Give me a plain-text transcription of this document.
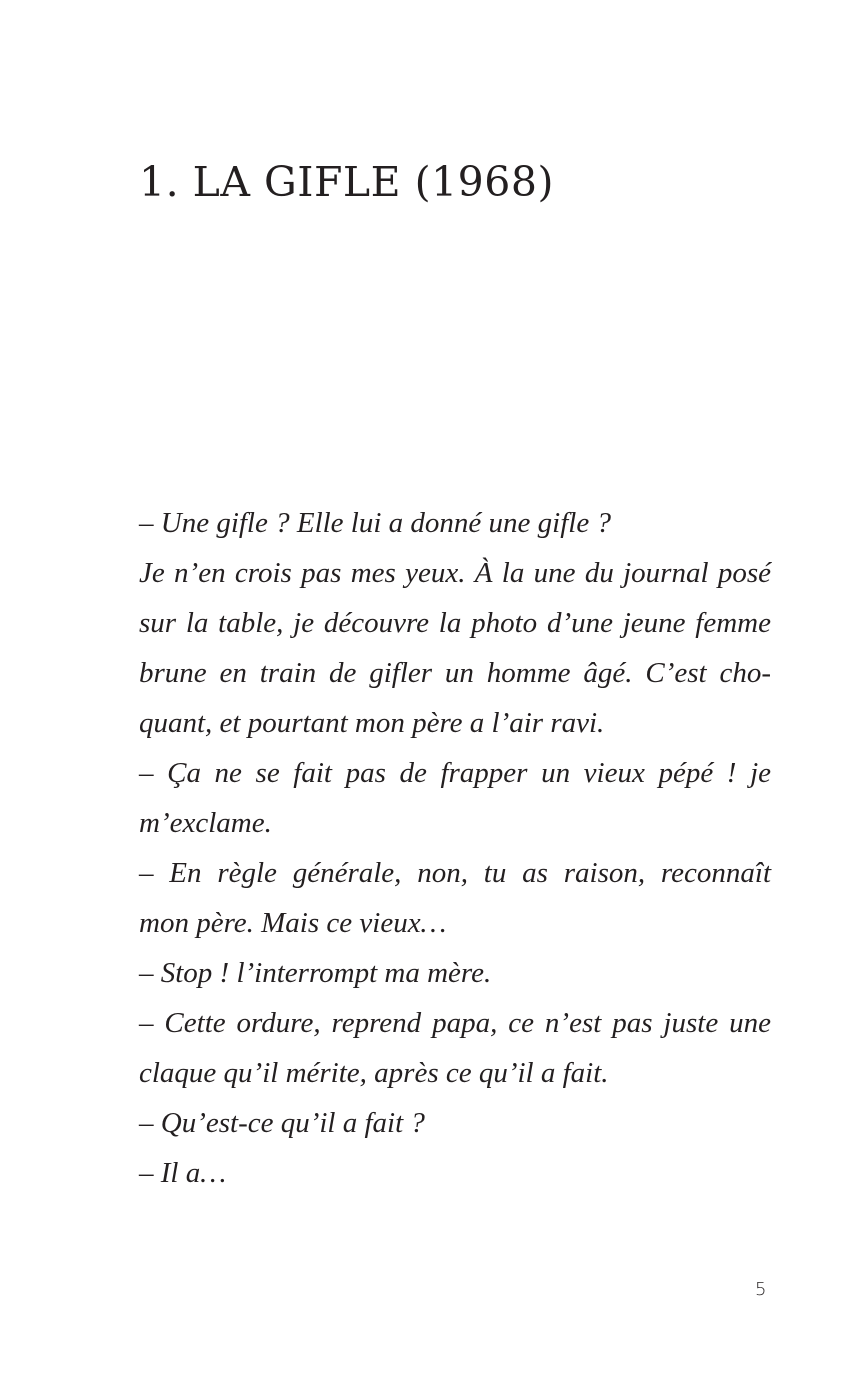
1. LA GIFLE (1968)
– Une gifle ? Elle lui a donné une gifle ?
Je n’en crois pas mes yeux. À la une du journal posé
sur la table, je découvre la photo d’une jeune femme
brune en train de gifler un homme âgé. C’est cho-
quant, et pourtant mon père a l’air ravi.
– Ça ne se fait pas de frapper un vieux pépé ! je
m’exclame.
– En règle générale, non, tu as raison, reconnaît
mon père. Mais ce vieux…
– Stop ! l’interrompt ma mère.
– Cette ordure, reprend papa, ce n’est pas juste une
claque qu’il mérite, après ce qu’il a fait.
– Qu’est-ce qu’il a fait ?
– Il a…
5
